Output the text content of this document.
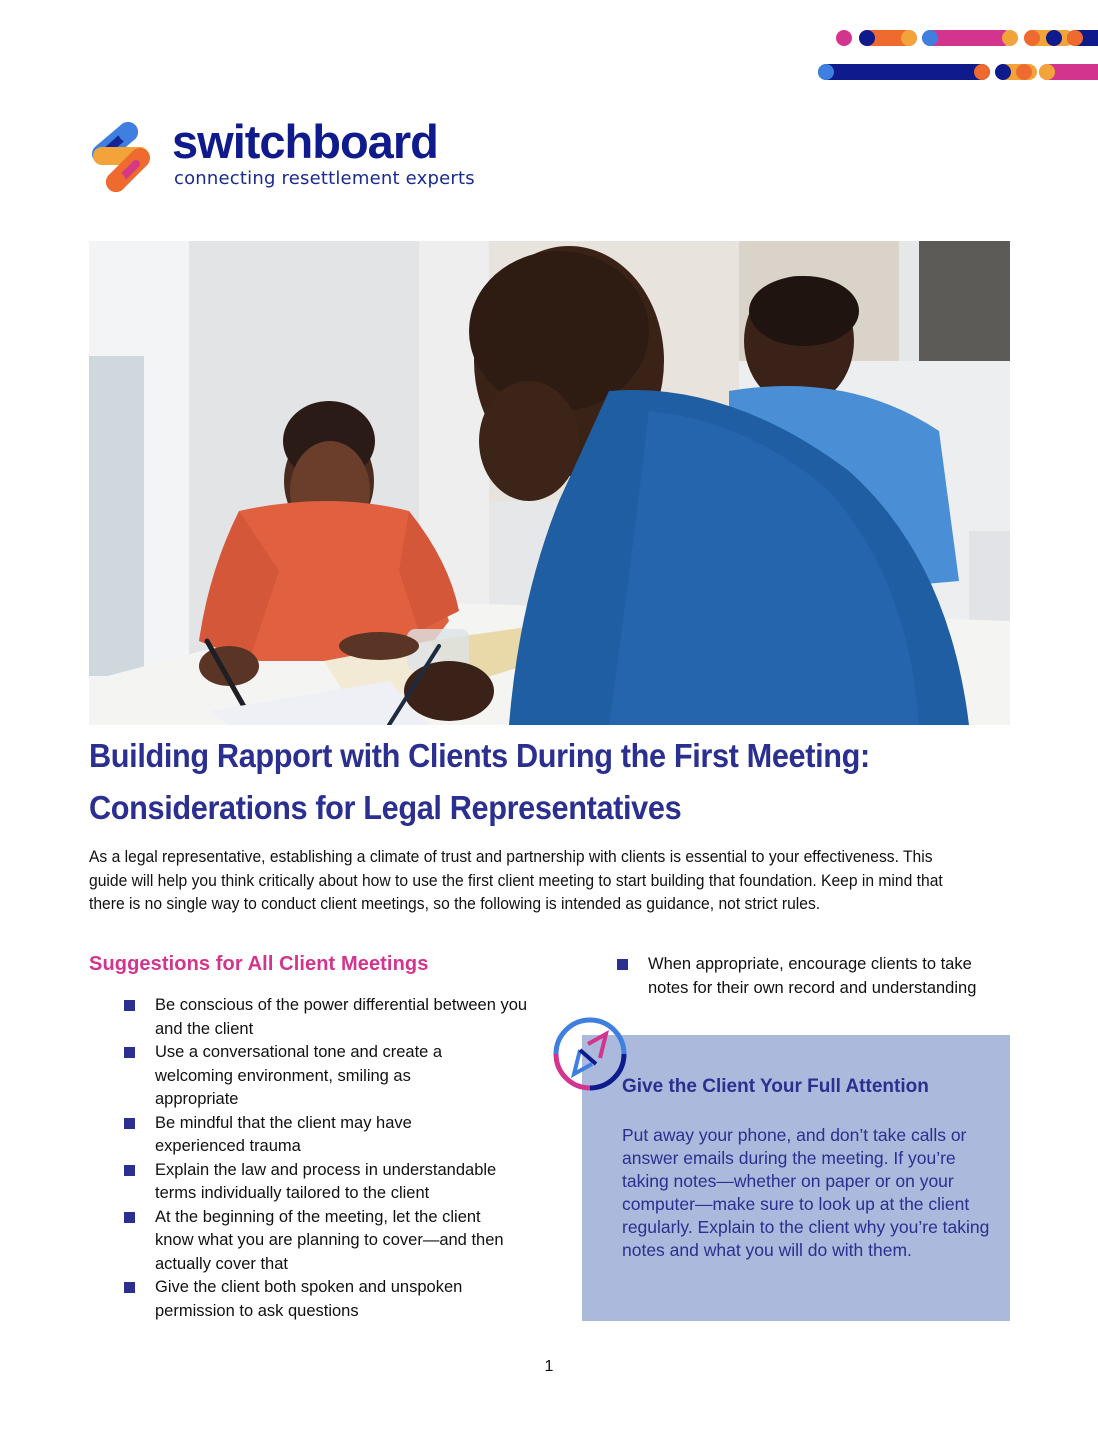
switchboard
connecting resettlement experts
Building Rapport with Clients During the First Meeting:
Considerations for Legal Representatives

As a legal representative, establishing a climate of trust and partnership with clients is essential to your effectiveness. This guide will help you think critically about how to use the first client meeting to start building that foundation. Keep in mind that there is no single way to conduct client meetings, so the following is intended as guidance, not strict rules.

Suggestions for All Client Meetings
Be conscious of the power differential between you and the client
Use a conversational tone and create a welcoming environment, smiling as appropriate
Be mindful that the client may have experienced trauma
Explain the law and process in understandable terms individually tailored to the client
At the beginning of the meeting, let the client know what you are planning to cover—and then actually cover that
Give the client both spoken and unspoken permission to ask questions
When appropriate, encourage clients to take notes for their own record and understanding
Give the Client Your Full Attention

Put away your phone, and don’t take calls or answer emails during the meeting. If you’re taking notes—whether on paper or on your computer—make sure to look up at the client regularly. Explain to the client why you’re taking notes and what you will do with them.

1
